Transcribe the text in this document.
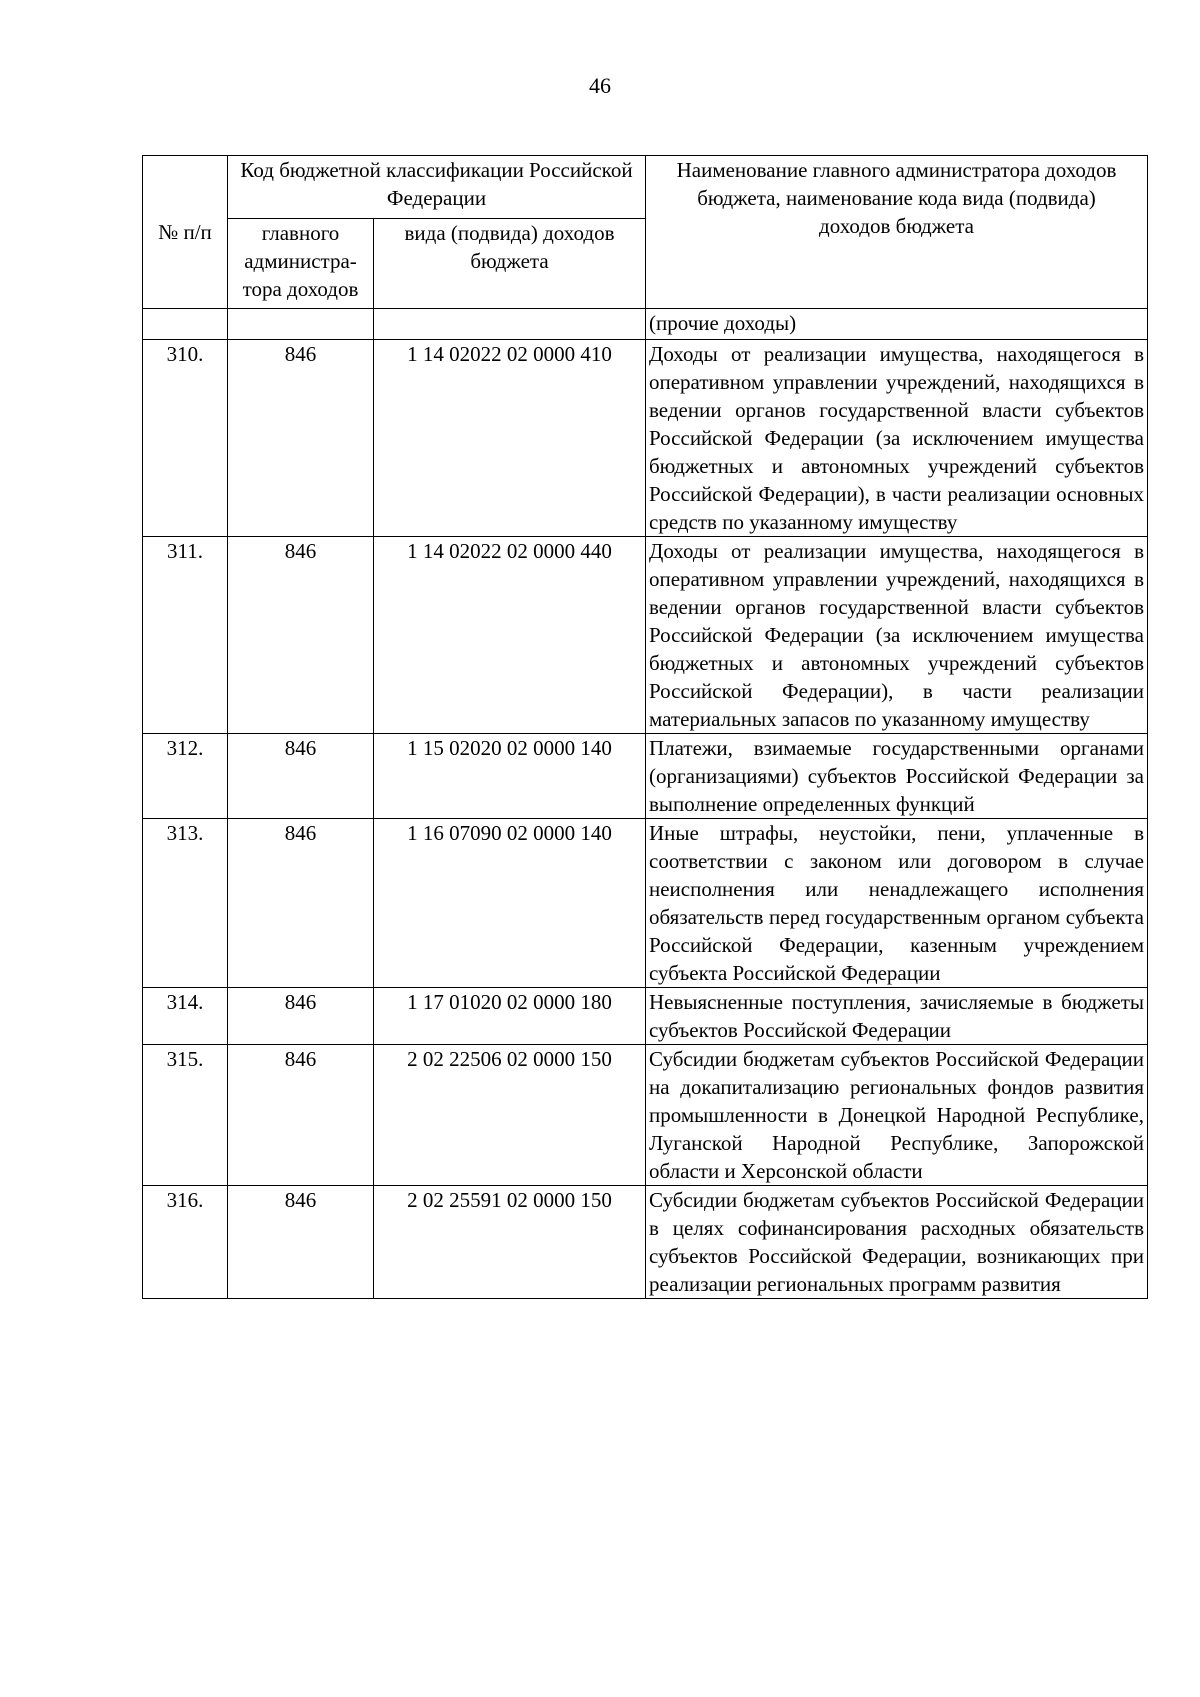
46
№ п/п	Код бюджетной классификации Российской Федерации		Наименование главного администратора доходов бюджета, наименование кода вида (подвида) доходов бюджета
	главного администра-тора доходов	вида (подвида) доходов бюджета	
			(прочие доходы)
310.	846	1 14 02022 02 0000 410	Доходы от реализации имущества, находящегося в оперативном управлении учреждений, находящихся в ведении органов государственной власти субъектов Российской Федерации (за исключением имущества бюджетных и автономных учреждений субъектов Российской Федерации), в части реализации основных средств по указанному имуществу
311.	846	1 14 02022 02 0000 440	Доходы от реализации имущества, находящегося в оперативном управлении учреждений, находящихся в ведении органов государственной власти субъектов Российской Федерации (за исключением имущества бюджетных и автономных учреждений субъектов Российской Федерации), в части реализации материальных запасов по указанному имуществу
312.	846	1 15 02020 02 0000 140	Платежи, взимаемые государственными органами (организациями) субъектов Российской Федерации за выполнение определенных функций
313.	846	1 16 07090 02 0000 140	Иные штрафы, неустойки, пени, уплаченные в соответствии с законом или договором в случае неисполнения или ненадлежащего исполнения обязательств перед государственным органом субъекта Российской Федерации, казенным учреждением субъекта Российской Федерации
314.	846	1 17 01020 02 0000 180	Невыясненные поступления, зачисляемые в бюджеты субъектов Российской Федерации
315.	846	2 02 22506 02 0000 150	Субсидии бюджетам субъектов Российской Федерации на докапитализацию региональных фондов развития промышленности в Донецкой Народной Республике, Луганской Народной Республике, Запорожской области и Херсонской области
316.	846	2 02 25591 02 0000 150	Субсидии бюджетам субъектов Российской Федерации в целях софинансирования расходных обязательств субъектов Российской Федерации, возникающих при реализации региональных программ развития
